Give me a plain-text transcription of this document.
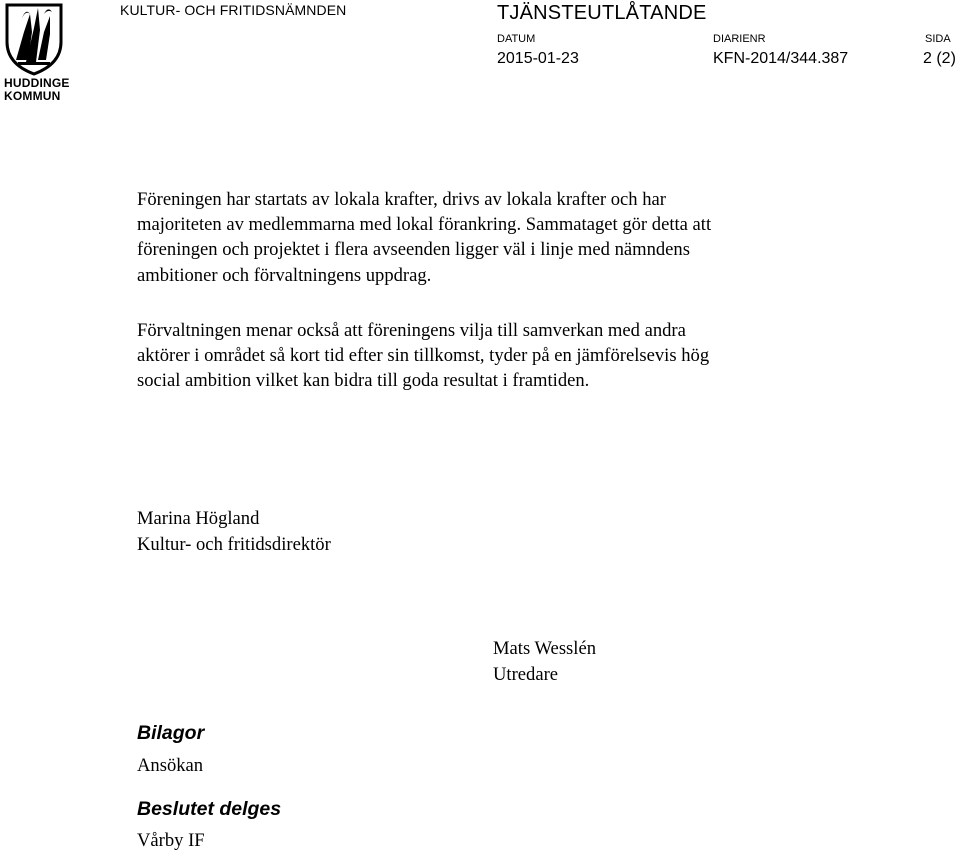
HUDDINGE
KOMMUN
KULTUR- OCH FRITIDSNÄMNDEN	TJÄNSTEUTLÅTANDE
DATUM
2015-01-23
DIARIENR
KFN-2014/344.387
SIDA
2 (2)
Föreningen har startats av lokala krafter, drivs av lokala krafter och har
majoriteten av medlemmarna med lokal förankring. Sammataget gör detta att
föreningen och projektet i flera avseenden ligger väl i linje med nämndens
ambitioner och förvaltningens uppdrag.
Förvaltningen menar också att föreningens vilja till samverkan med andra
aktörer i området så kort tid efter sin tillkomst, tyder på en jämförelsevis hög
social ambition vilket kan bidra till goda resultat i framtiden.
Marina Högland
Kultur- och fritidsdirektör
Mats Wesslén
Utredare
Bilagor
Ansökan
Beslutet delges
Vårby IF
